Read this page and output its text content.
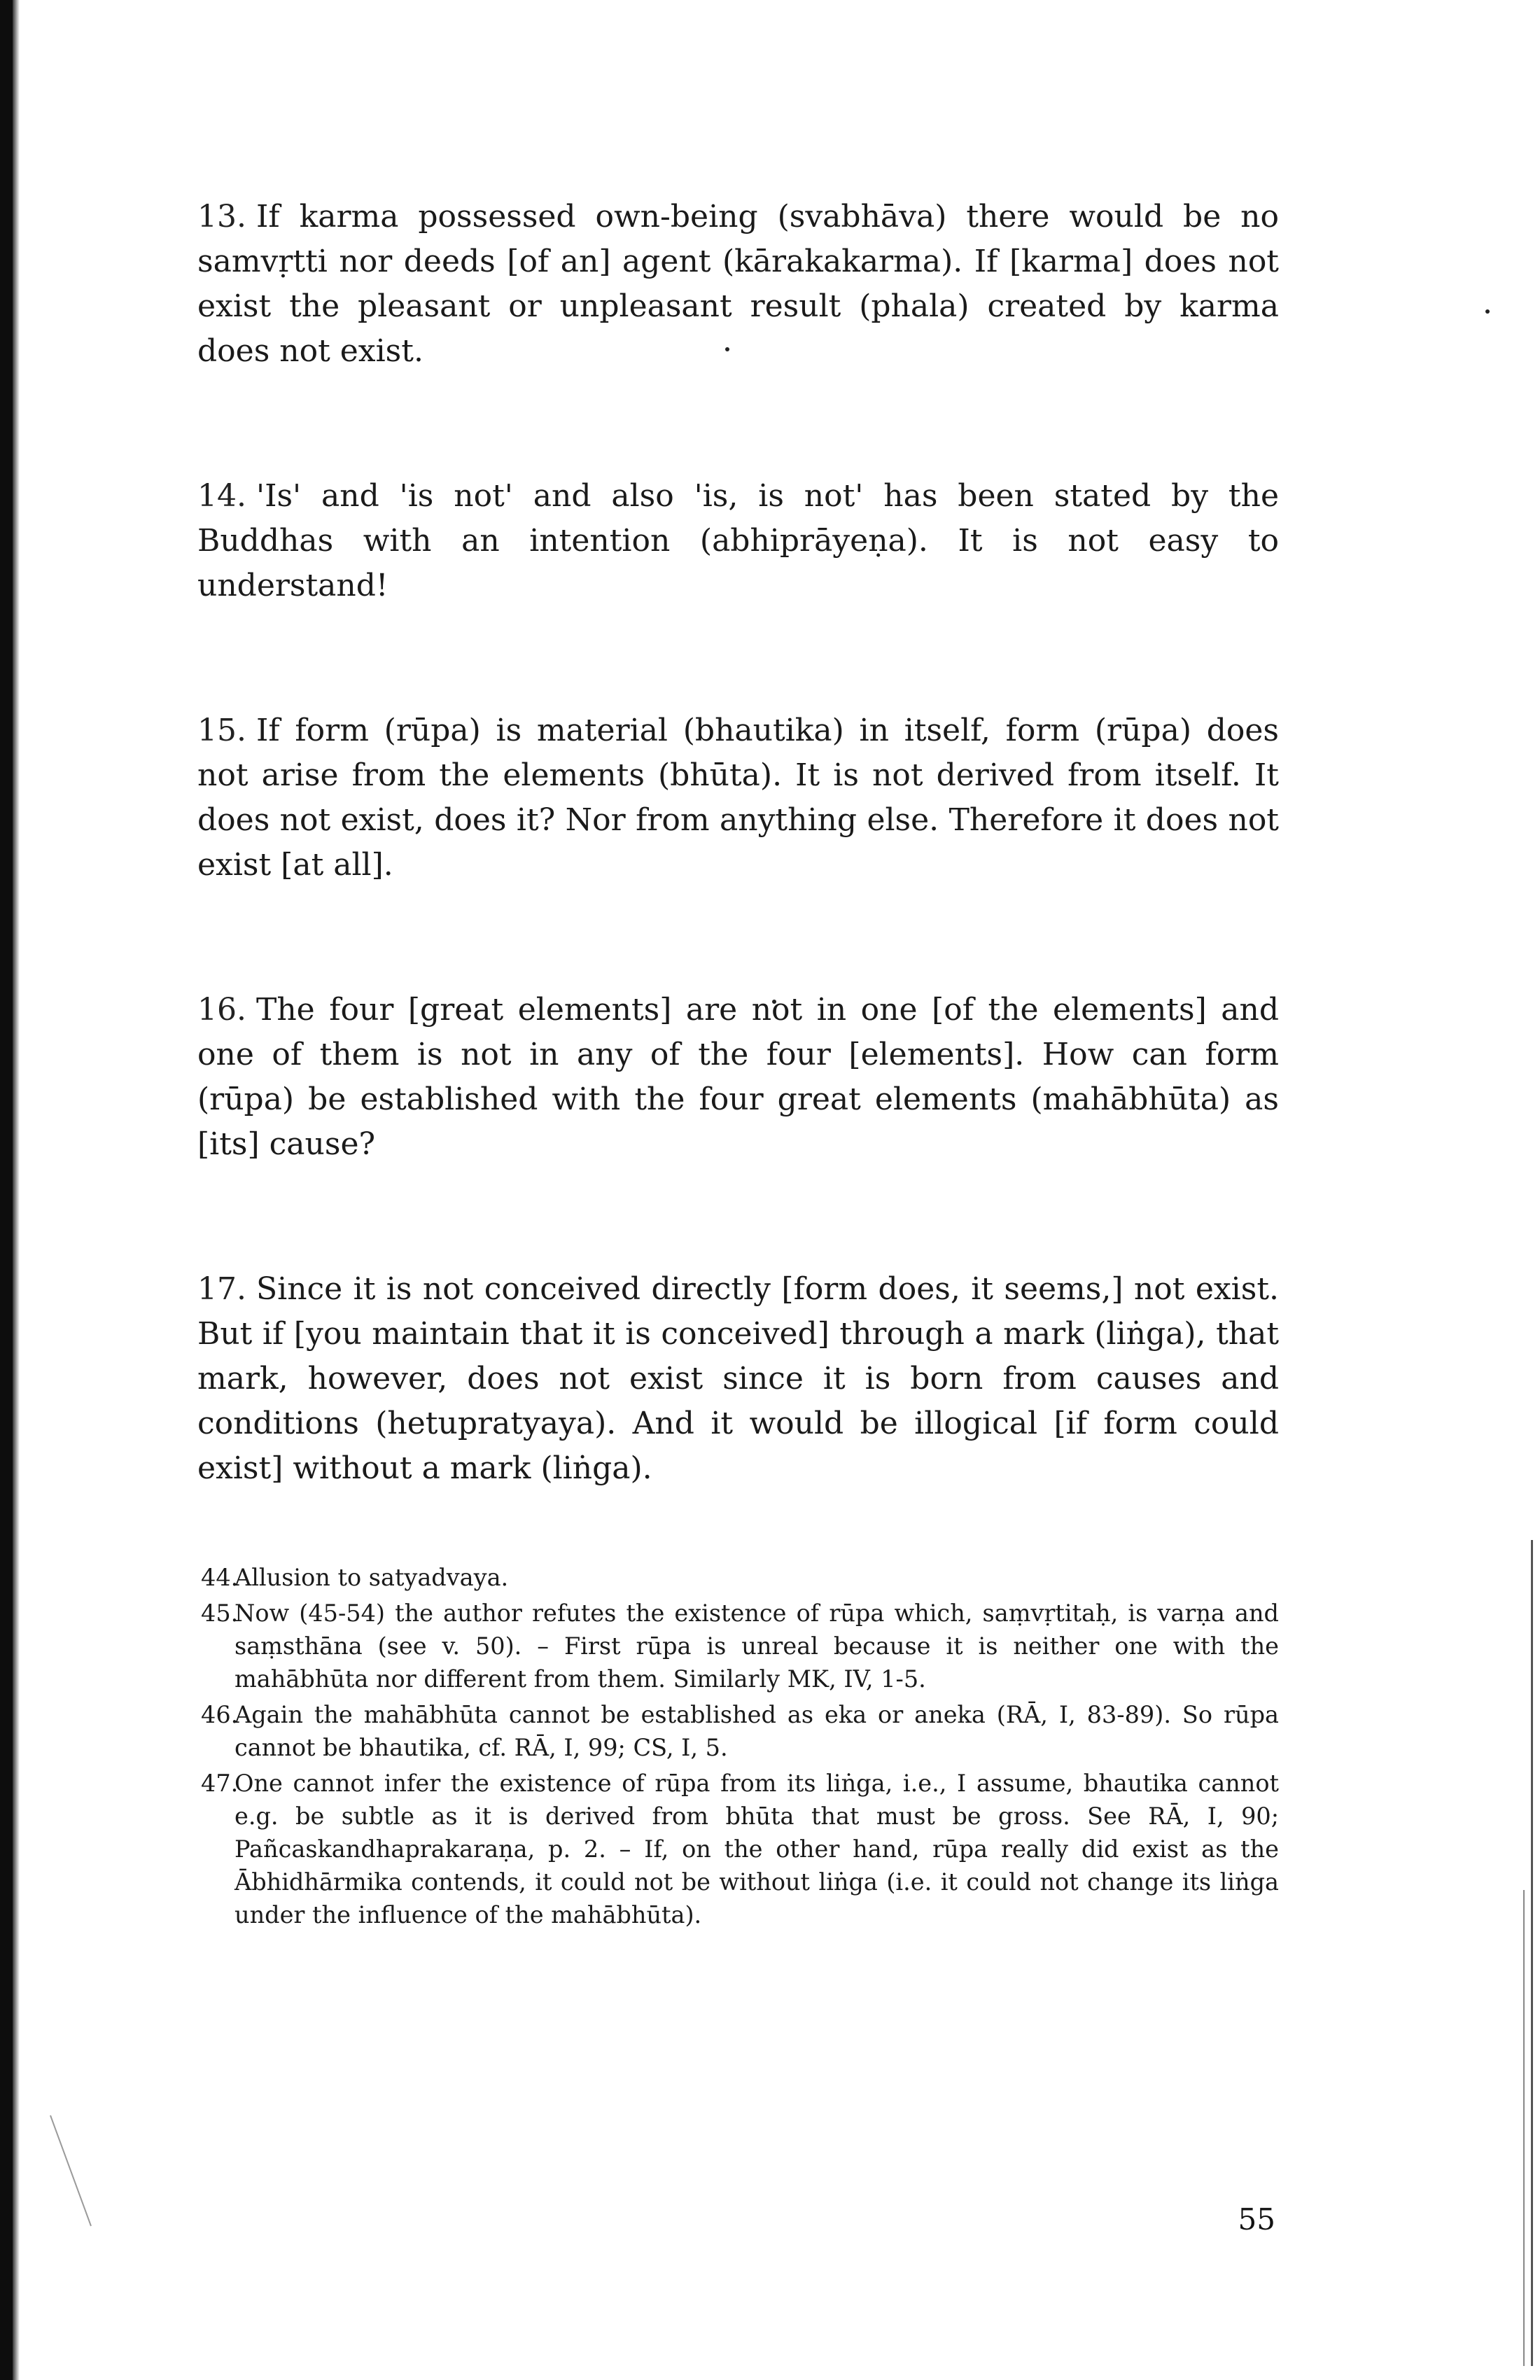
13. If karma possessed own-being (svabhāva) there would be no samvṛtti nor deeds [of an] agent (kārakakarma). If [karma] does not exist the pleasant or unpleasant result (phala) created by karma does not exist.

14. 'Is' and 'is not' and also 'is, is not' has been stated by the Buddhas with an intention (abhiprāyeṇa). It is not easy to understand!

15. If form (rūpa) is material (bhautika) in itself, form (rūpa) does not arise from the elements (bhūta). It is not derived from itself. It does not exist, does it? Nor from anything else. Therefore it does not exist [at all].

16. The four [great elements] are not in one [of the elements] and one of them is not in any of the four [elements]. How can form (rūpa) be established with the four great elements (mahābhūta) as [its] cause?

17. Since it is not conceived directly [form does, it seems,] not exist. But if [you maintain that it is conceived] through a mark (liṅga), that mark, however, does not exist since it is born from causes and conditions (hetupratyaya). And it would be illogical [if form could exist] without a mark (liṅga).

44.
Allusion to satyadvaya.

45.
Now (45-54) the author refutes the existence of rūpa which, saṃvṛtitaḥ, is varṇa and saṃsthāna (see v. 50). – First rūpa is unreal because it is neither one with the mahābhūta nor different from them. Similarly MK, IV, 1-5.

46.
Again the mahābhūta cannot be established as eka or aneka (RĀ, I, 83-89). So rūpa cannot be bhautika, cf. RĀ, I, 99; CS, I, 5.

47.
One cannot infer the existence of rūpa from its liṅga, i.e., I assume, bhautika cannot e.g. be subtle as it is derived from bhūta that must be gross. See RĀ, I, 90; Pañcaskandhaprakaraṇa, p. 2. – If, on the other hand, rūpa really did exist as the Ābhidhārmika contends, it could not be without liṅga (i.e. it could not change its liṅga under the influence of the mahābhūta).

55
